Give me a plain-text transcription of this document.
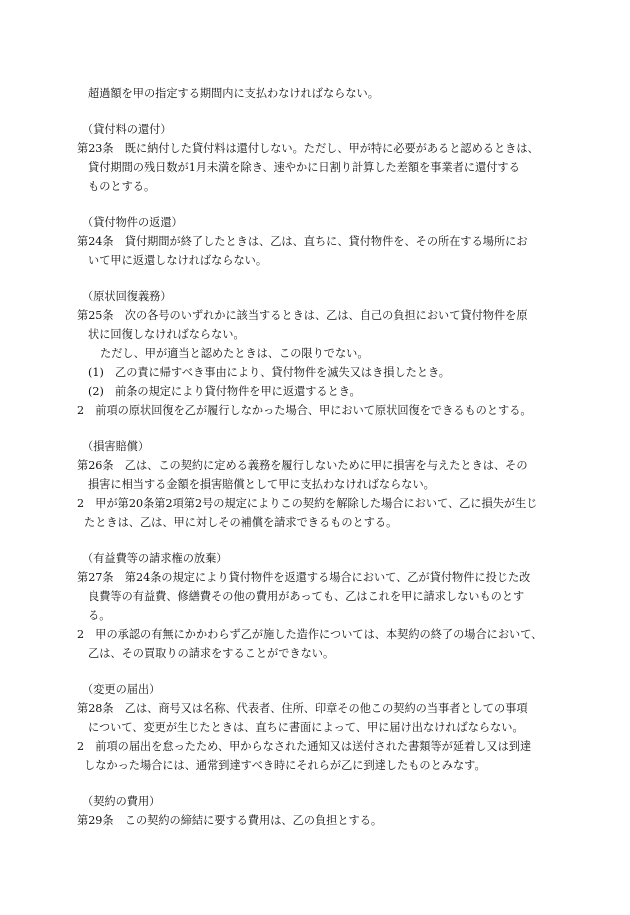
超過額を甲の指定する期間内に支払わなければならない。
（貸付料の還付）
第23条　既に納付した貸付料は還付しない。ただし、甲が特に必要があると認めるときは、
貸付期間の残日数が1月未満を除き、速やかに日割り計算した差額を事業者に還付する
ものとする。
（貸付物件の返還）
第24条　貸付期間が終了したときは、乙は、直ちに、貸付物件を、その所在する場所にお
いて甲に返還しなければならない。
（原状回復義務）
第25条　次の各号のいずれかに該当するときは、乙は、自己の負担において貸付物件を原
状に回復しなければならない。
ただし、甲が適当と認めたときは、この限りでない。
(1)　乙の責に帰すべき事由により、貸付物件を滅失又はき損したとき。
(2)　前条の規定により貸付物件を甲に返還するとき。
2　前項の原状回復を乙が履行しなかった場合、甲において原状回復をできるものとする。
（損害賠償）
第26条　乙は、この契約に定める義務を履行しないために甲に損害を与えたときは、その
損害に相当する金額を損害賠償として甲に支払わなければならない。
2　甲が第20条第2項第2号の規定によりこの契約を解除した場合において、乙に損失が生じ
たときは、乙は、甲に対しその補償を請求できるものとする。
（有益費等の請求権の放棄）
第27条　第24条の規定により貸付物件を返還する場合において、乙が貸付物件に投じた改
良費等の有益費、修繕費その他の費用があっても、乙はこれを甲に請求しないものとす
る。
2　甲の承認の有無にかかわらず乙が施した造作については、本契約の終了の場合において、
乙は、その買取りの請求をすることができない。
（変更の届出）
第28条　乙は、商号又は名称、代表者、住所、印章その他この契約の当事者としての事項
について、変更が生じたときは、直ちに書面によって、甲に届け出なければならない。
2　前項の届出を怠ったため、甲からなされた通知又は送付された書類等が延着し又は到達
しなかった場合には、通常到達すべき時にそれらが乙に到達したものとみなす。
（契約の費用）
第29条　この契約の締結に要する費用は、乙の負担とする。
